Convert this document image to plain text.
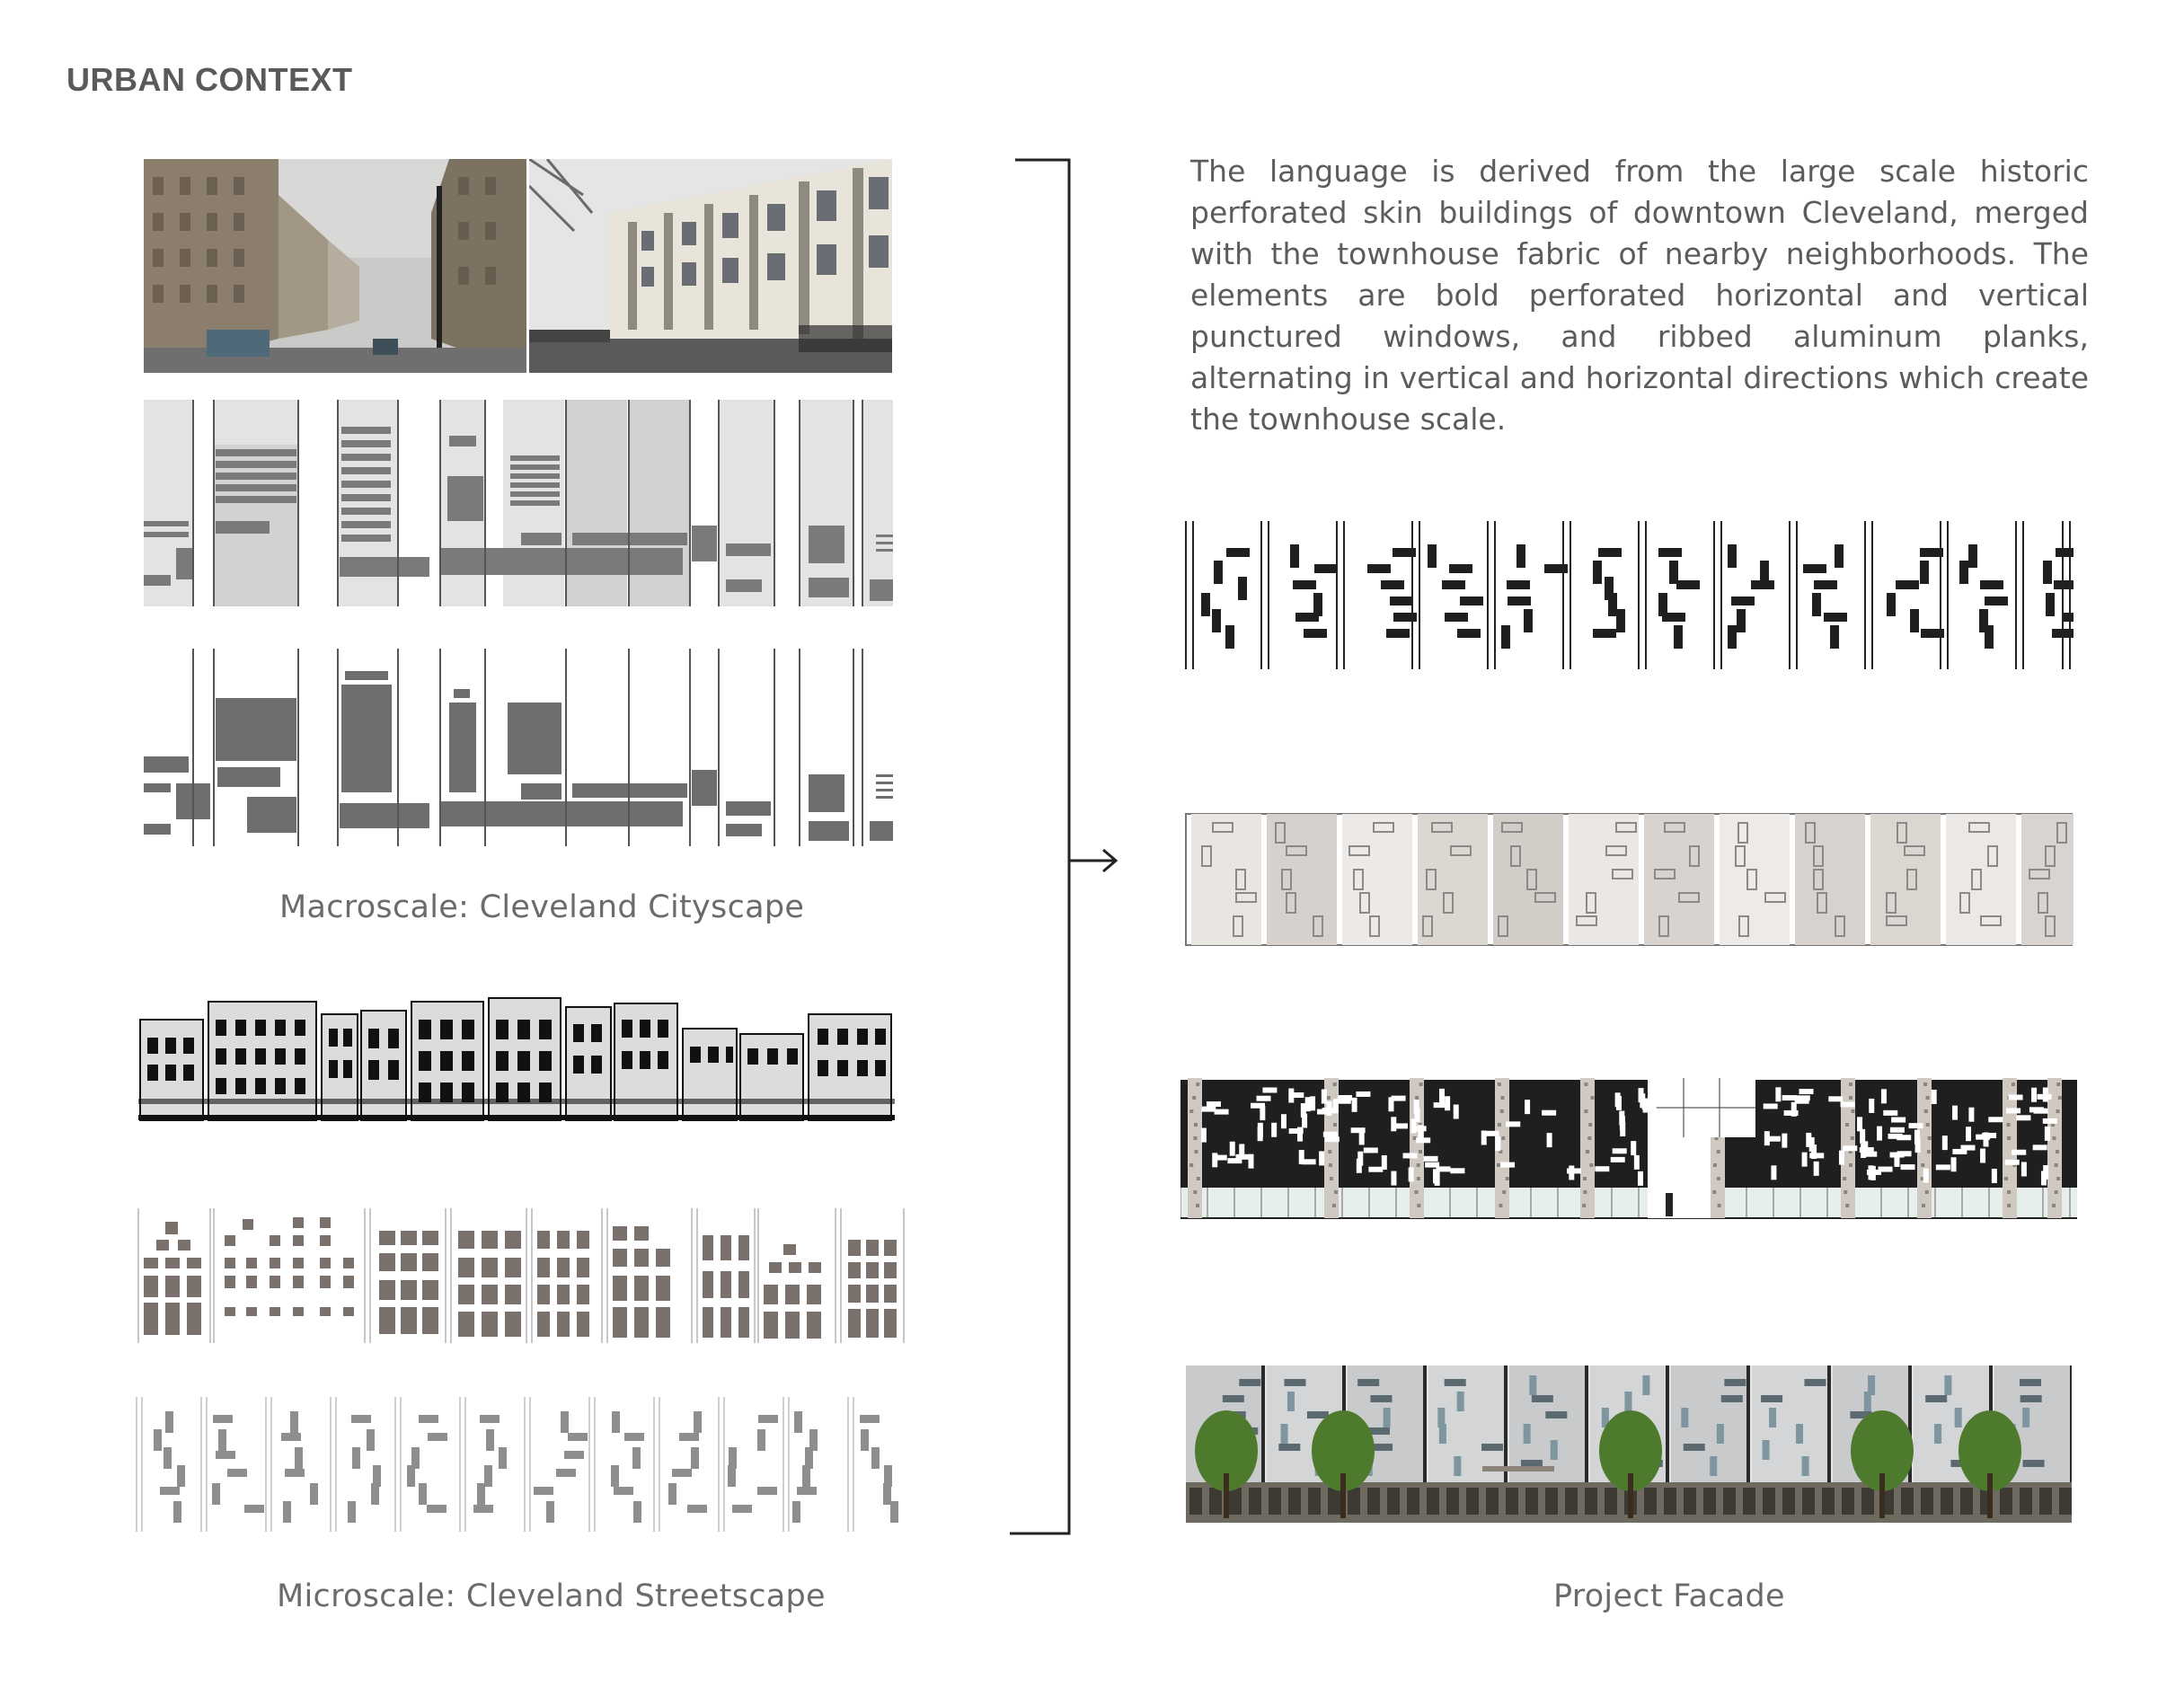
URBAN CONTEXT
The language is derived from the large scale historic perforated skin buildings of downtown Cleveland, merged with the townhouse fabric of nearby neighborhoods. The elements are bold perforated horizontal and vertical punctured windows, and ribbed aluminum planks, alternating in vertical and horizontal directions which create the townhouse scale.
Macroscale: Cleveland Cityscape
Microscale: Cleveland Streetscape	Project Facade
